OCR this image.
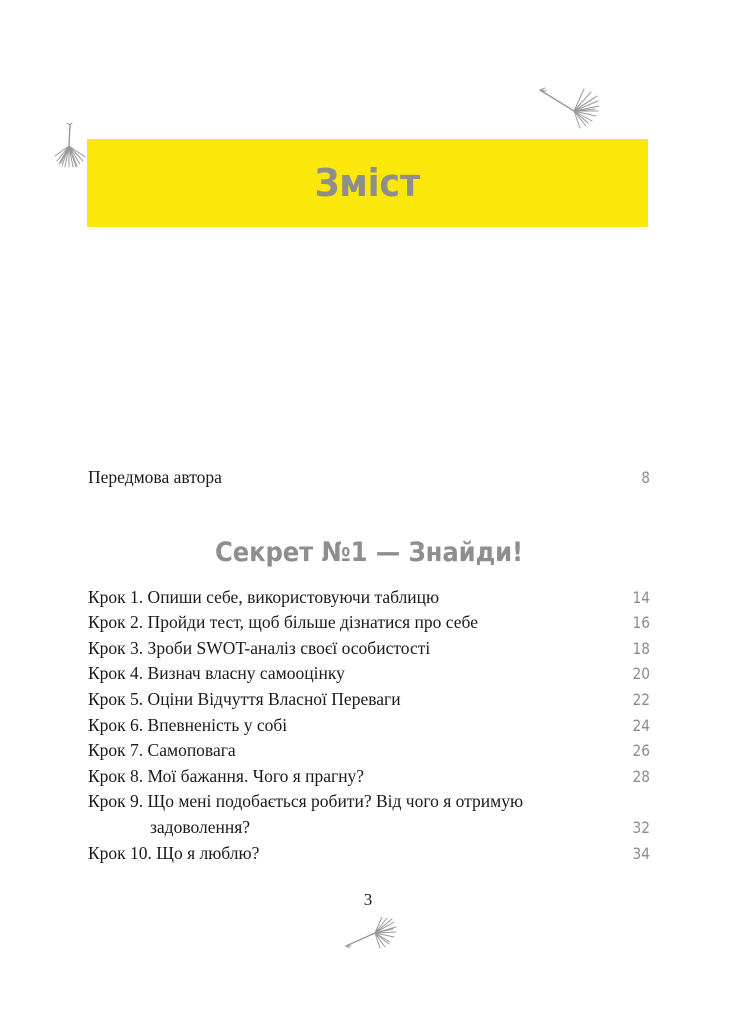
Зміст
Передмова автора	8
Секрет №1 — Знайди!
Крок 1. Опиши себе, використовуючи таблицю	14
Крок 2. Пройди тест, щоб більше дізнатися про себе	16
Крок 3. Зроби SWOT-аналіз своєї особистості	18
Крок 4. Визнач власну самооцінку	20
Крок 5. Оціни Відчуття Власної Переваги	22
Крок 6. Впевненість у собі	24
Крок 7. Самоповага	26
Крок 8. Мої бажання. Чого я прагну?	28
Крок 9. Що мені подобається робити? Від чого я отримую
задоволення?	32
Крок 10. Що я люблю?	34
3
